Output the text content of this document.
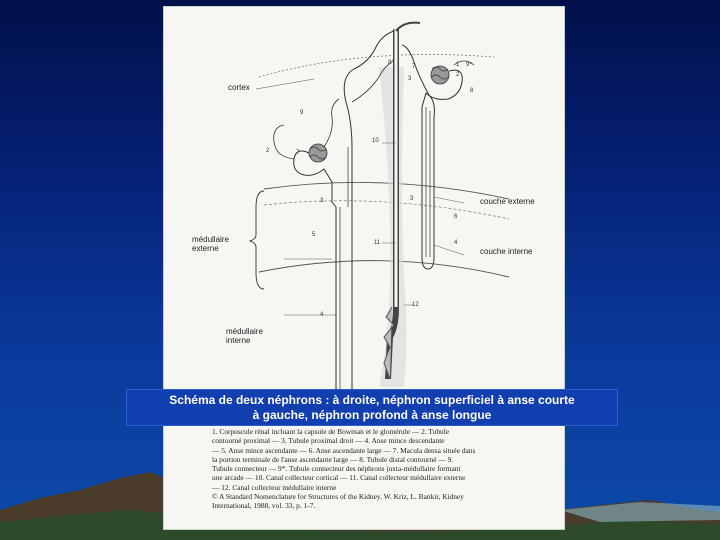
cortex
médullaire
externe
couche externe
couche interne
médullaire
interne
8*	1
7	9*
8
9
2	7
10
3
5
11
4
12
4
3
2
3
6
1. Corpuscule rénal incluant la capsule de Bowman et le glomérule — 2. Tubule
contourné proximal — 3. Tubule proximal droit — 4. Anse mince descendante
— 5. Anse mince ascendante — 6. Anse ascendante large — 7. Macula densa située dans
la portion terminale de l'anse ascendante large — 8. Tubule distal contourné — 9.
Tubule connecteur — 9*. Tubule connecteur des néphrons juxta-médullaire formant
une arcade — 10. Canal collecteur cortical — 11. Canal collecteur médullaire externe
— 12. Canal collecteur médullaire interne
© A Standard Nomenclature for Structures of the Kidney. W. Kriz, L. Bankir, Kidney
International, 1988, vol. 33, p. 1-7.
Schéma de deux néphrons : à droite, néphron superficiel à anse courte
à gauche, néphron profond à anse longue
